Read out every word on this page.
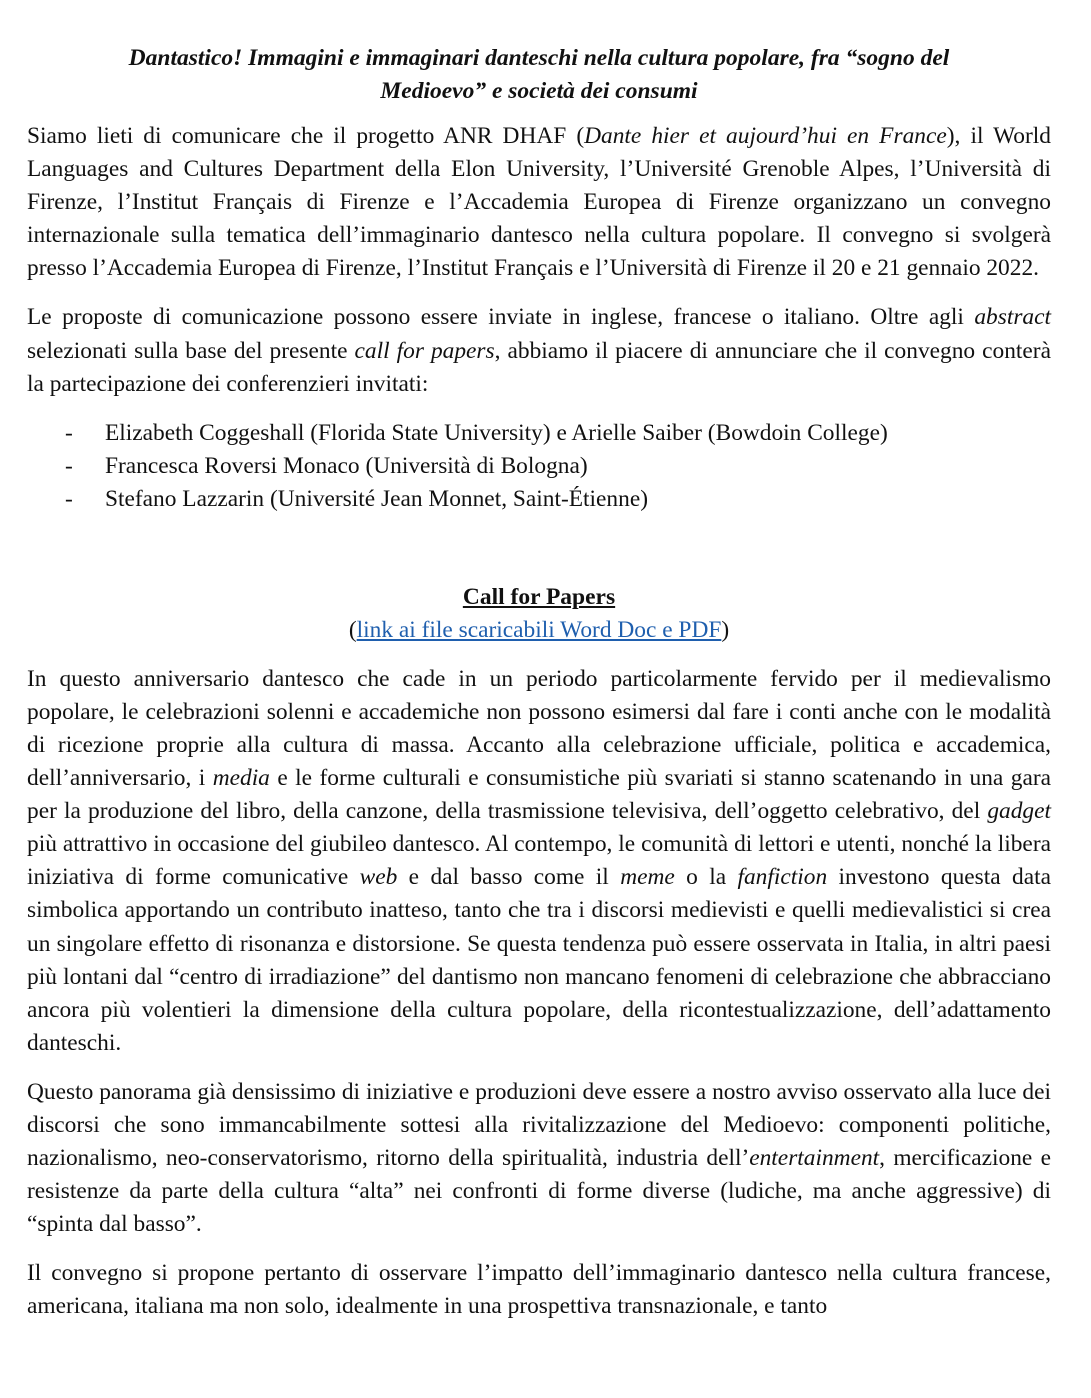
Dantastico! Immagini e immaginari danteschi nella cultura popolare, fra “sogno del Medioevo” e società dei consumi

Siamo lieti di comunicare che il progetto ANR DHAF (Dante hier et aujourd’hui en France), il World Languages and Cultures Department della Elon University, l’Université Grenoble Alpes, l’Università di Firenze, l’Institut Français di Firenze e l’Accademia Europea di Firenze organizzano un convegno internazionale sulla tematica dell’immaginario dantesco nella cultura popolare. Il convegno si svolgerà presso l’Accademia Europea di Firenze, l’Institut Français e l’Università di Firenze il 20 e 21 gennaio 2022.

Le proposte di comunicazione possono essere inviate in inglese, francese o italiano. Oltre agli abstract selezionati sulla base del presente call for papers, abbiamo il piacere di annunciare che il convegno conterà la partecipazione dei conferenzieri invitati:

- Elizabeth Coggeshall (Florida State University) e Arielle Saiber (Bowdoin College)
- Francesca Roversi Monaco (Università di Bologna)
- Stefano Lazzarin (Université Jean Monnet, Saint-Étienne)
Call for Papers
(link ai file scaricabili Word Doc e PDF)

In questo anniversario dantesco che cade in un periodo particolarmente fervido per il medievalismo popolare, le celebrazioni solenni e accademiche non possono esimersi dal fare i conti anche con le modalità di ricezione proprie alla cultura di massa. Accanto alla celebrazione ufficiale, politica e accademica, dell’anniversario, i media e le forme culturali e consumistiche più svariati si stanno scatenando in una gara per la produzione del libro, della canzone, della trasmissione televisiva, dell’oggetto celebrativo, del gadget più attrattivo in occasione del giubileo dantesco. Al contempo, le comunità di lettori e utenti, nonché la libera iniziativa di forme comunicative web e dal basso come il meme o la fanfiction investono questa data simbolica apportando un contributo inatteso, tanto che tra i discorsi medievisti e quelli medievalistici si crea un singolare effetto di risonanza e distorsione. Se questa tendenza può essere osservata in Italia, in altri paesi più lontani dal “centro di irradiazione” del dantismo non mancano fenomeni di celebrazione che abbracciano ancora più volentieri la dimensione della cultura popolare, della ricontestualizzazione, dell’adattamento danteschi.

Questo panorama già densissimo di iniziative e produzioni deve essere a nostro avviso osservato alla luce dei discorsi che sono immancabilmente sottesi alla rivitalizzazione del Medioevo: componenti politiche, nazionalismo, neo-conservatorismo, ritorno della spiritualità, industria dell’entertainment, mercificazione e resistenze da parte della cultura “alta” nei confronti di forme diverse (ludiche, ma anche aggressive) di “spinta dal basso”.

Il convegno si propone pertanto di osservare l’impatto dell’immaginario dantesco nella cultura francese, americana, italiana ma non solo, idealmente in una prospettiva transnazionale, e tanto
